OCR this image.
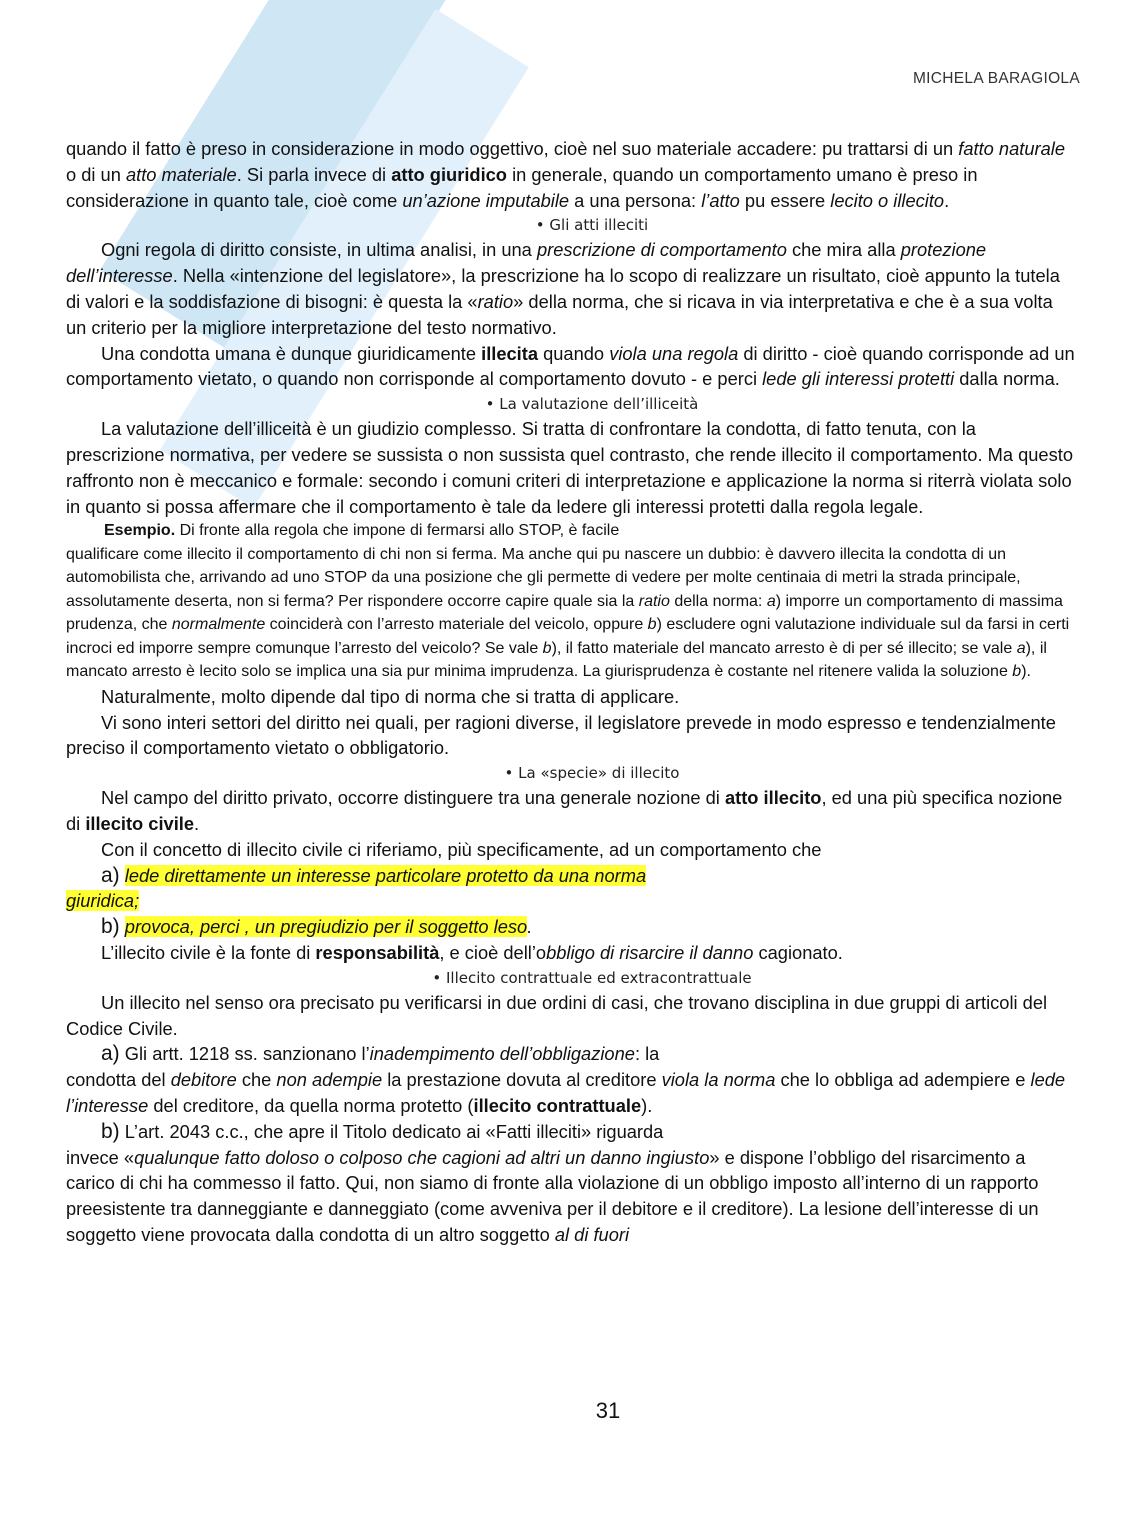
MICHELA BARAGIOLA

quando il fatto è preso in considerazione in modo oggettivo, cioè nel suo materiale accadere: pu trattarsi di un fatto naturale o di un atto materiale. Si parla invece di atto giuridico in generale, quando un comportamento umano è preso in considerazione in quanto tale, cioè come un’azione imputabile a una persona: l’atto pu essere lecito o illecito.

• Gli atti illeciti

Ogni regola di diritto consiste, in ultima analisi, in una prescrizione di comportamento che mira alla protezione dell’interesse. Nella «intenzione del legislatore», la prescrizione ha lo scopo di realizzare un risultato, cioè appunto la tutela di valori e la soddisfazione di bisogni: è questa la «ratio» della norma, che si ricava in via interpretativa e che è a sua volta un criterio per la migliore interpretazione del testo normativo.

Una condotta umana è dunque giuridicamente illecita quando viola una regola di diritto - cioè quando corrisponde ad un comportamento vietato, o quando non corrisponde al comportamento dovuto - e perci lede gli interessi protetti dalla norma.

• La valutazione dell’illiceità

La valutazione dell’illiceità è un giudizio complesso. Si tratta di confrontare la condotta, di fatto tenuta, con la prescrizione normativa, per vedere se sussista o non sussista quel contrasto, che rende illecito il comportamento. Ma questo raffronto non è meccanico e formale: secondo i comuni criteri di interpretazione e applicazione la norma si riterrà violata solo in quanto si possa affermare che il comportamento è tale da ledere gli interessi protetti dalla regola legale.

Esempio. Di fronte alla regola che impone di fermarsi allo STOP, è facile

qualificare come illecito il comportamento di chi non si ferma. Ma anche qui pu nascere un dubbio: è davvero illecita la condotta di un automobilista che, arrivando ad uno STOP da una posizione che gli permette di vedere per molte centinaia di metri la strada principale, assolutamente deserta, non si ferma? Per rispondere occorre capire quale sia la ratio della norma: a) imporre un comportamento di massima prudenza, che normalmente coinciderà con l’arresto materiale del veicolo, oppure b) escludere ogni valutazione individuale sul da farsi in certi incroci ed imporre sempre comunque l’arresto del veicolo? Se vale b), il fatto materiale del mancato arresto è di per sé illecito; se vale a), il mancato arresto è lecito solo se implica una sia pur minima imprudenza. La giurisprudenza è costante nel ritenere valida la soluzione b).

Naturalmente, molto dipende dal tipo di norma che si tratta di applicare.

Vi sono interi settori del diritto nei quali, per ragioni diverse, il legislatore prevede in modo espresso e tendenzialmente preciso il comportamento vietato o obbligatorio.

• La «specie» di illecito

Nel campo del diritto privato, occorre distinguere tra una generale nozione di atto illecito, ed una più specifica nozione di illecito civile.

Con il concetto di illecito civile ci riferiamo, più specificamente, ad un comportamento che

a) lede direttamente un interesse particolare protetto da una norma

giuridica;

b) provoca, perci , un pregiudizio per il soggetto leso.

L’illecito civile è la fonte di responsabilità, e cioè dell’obbligo di risarcire il danno cagionato.

• Illecito contrattuale ed extracontrattuale

Un illecito nel senso ora precisato pu verificarsi in due ordini di casi, che trovano disciplina in due gruppi di articoli del Codice Civile.

a) Gli artt. 1218 ss. sanzionano l’inadempimento dell’obbligazione: la

condotta del debitore che non adempie la prestazione dovuta al creditore viola la norma che lo obbliga ad adempiere e lede l’interesse del creditore, da quella norma protetto (illecito contrattuale).

b) L’art. 2043 c.c., che apre il Titolo dedicato ai «Fatti illeciti» riguarda

invece «qualunque fatto doloso o colposo che cagioni ad altri un danno ingiusto» e dispone l’obbligo del risarcimento a carico di chi ha commesso il fatto. Qui, non siamo di fronte alla violazione di un obbligo imposto all’interno di un rapporto preesistente tra danneggiante e danneggiato (come avveniva per il debitore e il creditore). La lesione dell’interesse di un soggetto viene provocata dalla condotta di un altro soggetto al di fuori

31
